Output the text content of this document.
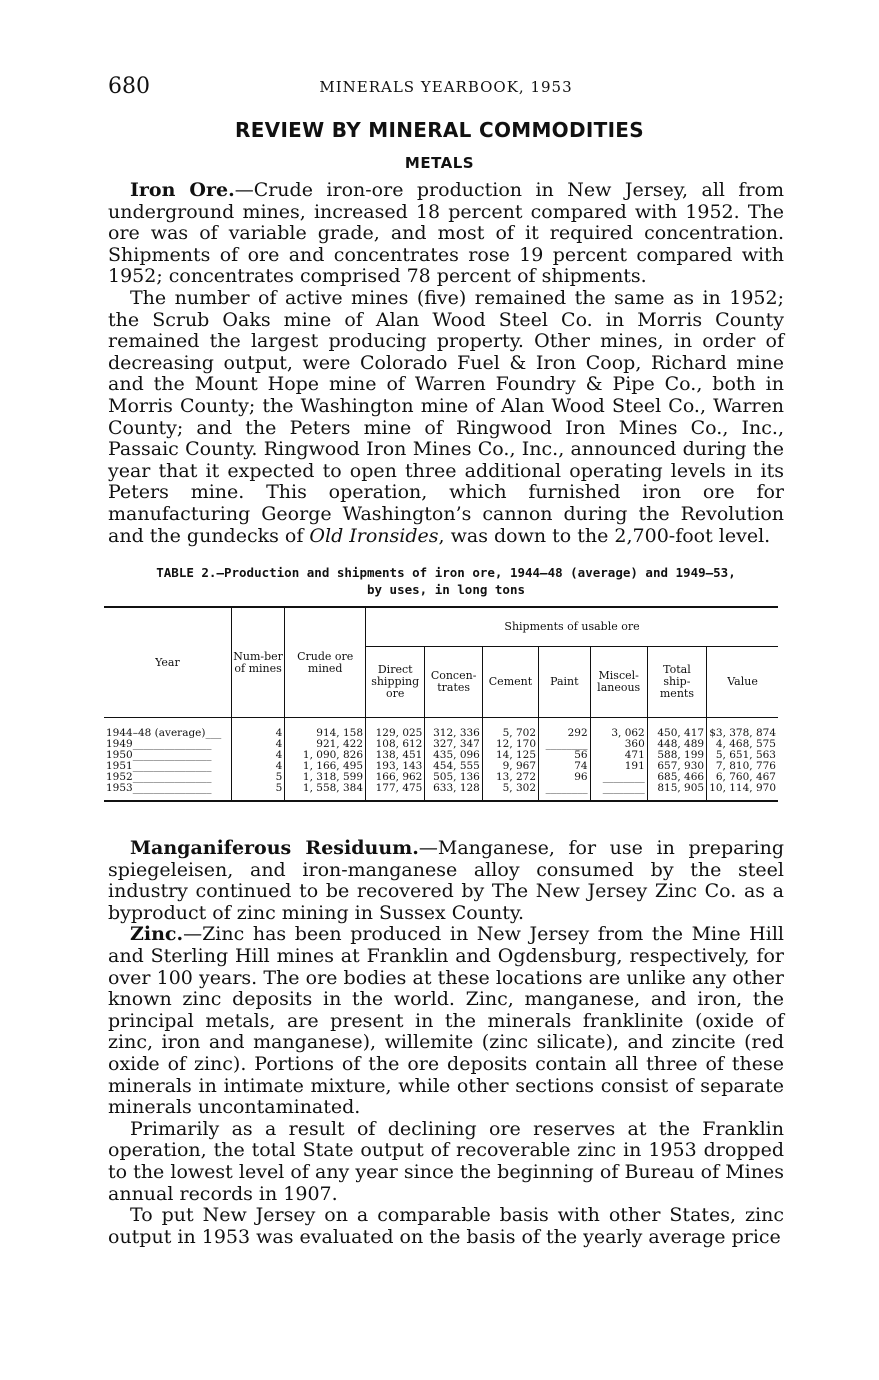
680	MINERALS YEARBOOK, 1953
REVIEW BY MINERAL COMMODITIES
METALS

Iron Ore.—Crude iron-ore production in New Jersey, all from underground mines, increased 18 percent compared with 1952. The ore was of variable grade, and most of it required concentration. Shipments of ore and concentrates rose 19 percent compared with 1952; concentrates comprised 78 percent of shipments.

The number of active mines (five) remained the same as in 1952; the Scrub Oaks mine of Alan Wood Steel Co. in Morris County remained the largest producing property. Other mines, in order of decreasing output, were Colorado Fuel & Iron Coop, Richard mine and the Mount Hope mine of Warren Foundry & Pipe Co., both in Morris County; the Washington mine of Alan Wood Steel Co., Warren County; and the Peters mine of Ringwood Iron Mines Co., Inc., Passaic County. Ringwood Iron Mines Co., Inc., announced during the year that it expected to open three additional operating levels in its Peters mine. This operation, which furnished iron ore for manufacturing George Washington’s cannon during the Revolution and the gundecks of Old Ironsides, was down to the 2,700-foot level.

TABLE 2.—Production and shipments of iron ore, 1944–48 (average) and 1949–53,
by uses, in long tons
Year	Num-ber of mines	Crude ore mined	Shipments of usable ore						
			Direct shipping ore	Concen-trates	Cement	Paint	Miscel-laneous	Total ship-ments	Value
1944–48 (average)___	4	914, 158	129, 025	312, 336	5, 702	292	3, 062	450, 417	$3, 378, 874
1949_______________	4	921, 422	108, 612	327, 347	12, 170	________	360	448, 489	4, 468, 575
1950_______________	4	1, 090, 826	138, 451	435, 096	14, 125	56	471	588, 199	5, 651, 563
1951_______________	4	1, 166, 495	193, 143	454, 555	9, 967	74	191	657, 930	7, 810, 776
1952_______________	5	1, 318, 599	166, 962	505, 136	13, 272	96	________	685, 466	6, 760, 467
1953_______________	5	1, 558, 384	177, 475	633, 128	5, 302	________	________	815, 905	10, 114, 970

Manganiferous Residuum.—Manganese, for use in preparing spiegeleisen, and iron-manganese alloy consumed by the steel industry continued to be recovered by The New Jersey Zinc Co. as a byproduct of zinc mining in Sussex County.

Zinc.—Zinc has been produced in New Jersey from the Mine Hill and Sterling Hill mines at Franklin and Ogdensburg, respectively, for over 100 years. The ore bodies at these locations are unlike any other known zinc deposits in the world. Zinc, manganese, and iron, the principal metals, are present in the minerals franklinite (oxide of zinc, iron and manganese), willemite (zinc silicate), and zincite (red oxide of zinc). Portions of the ore deposits contain all three of these minerals in intimate mixture, while other sections consist of separate minerals uncontaminated.

Primarily as a result of declining ore reserves at the Franklin operation, the total State output of recoverable zinc in 1953 dropped to the lowest level of any year since the beginning of Bureau of Mines annual records in 1907.

To put New Jersey on a comparable basis with other States, zinc output in 1953 was evaluated on the basis of the yearly average price
